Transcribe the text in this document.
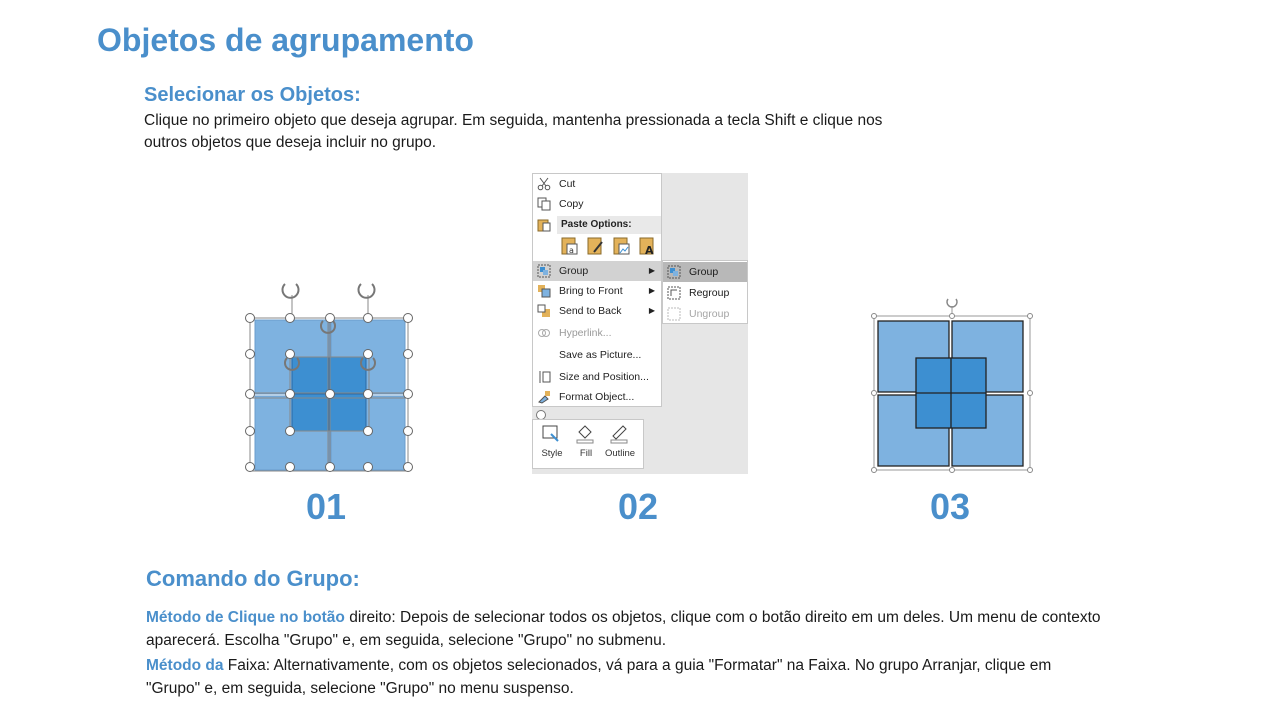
Objetos de agrupamento
Selecionar os Objetos:
Clique no primeiro objeto que deseja agrupar. Em seguida, mantenha pressionada a tecla Shift e clique nos outros objetos que deseja incluir no grupo.
Cut
Copy
Paste Options:
a	A
Group	▶
Bring to Front	▶
Send to Back	▶
Hyperlink...
Save as Picture...
Size and Position...
Format Object...
Group
Regroup
Ungroup
Style	Fill	Outline
01	02	03
Comando do Grupo:
Método de Clique no botão direito: Depois de selecionar todos os objetos, clique com o botão direito em um deles. Um menu de contexto aparecerá. Escolha "Grupo" e, em seguida, selecione "Grupo" no submenu.
Método da Faixa: Alternativamente, com os objetos selecionados, vá para a guia "Formatar" na Faixa. No grupo Arranjar, clique em "Grupo" e, em seguida, selecione "Grupo" no menu suspenso.
